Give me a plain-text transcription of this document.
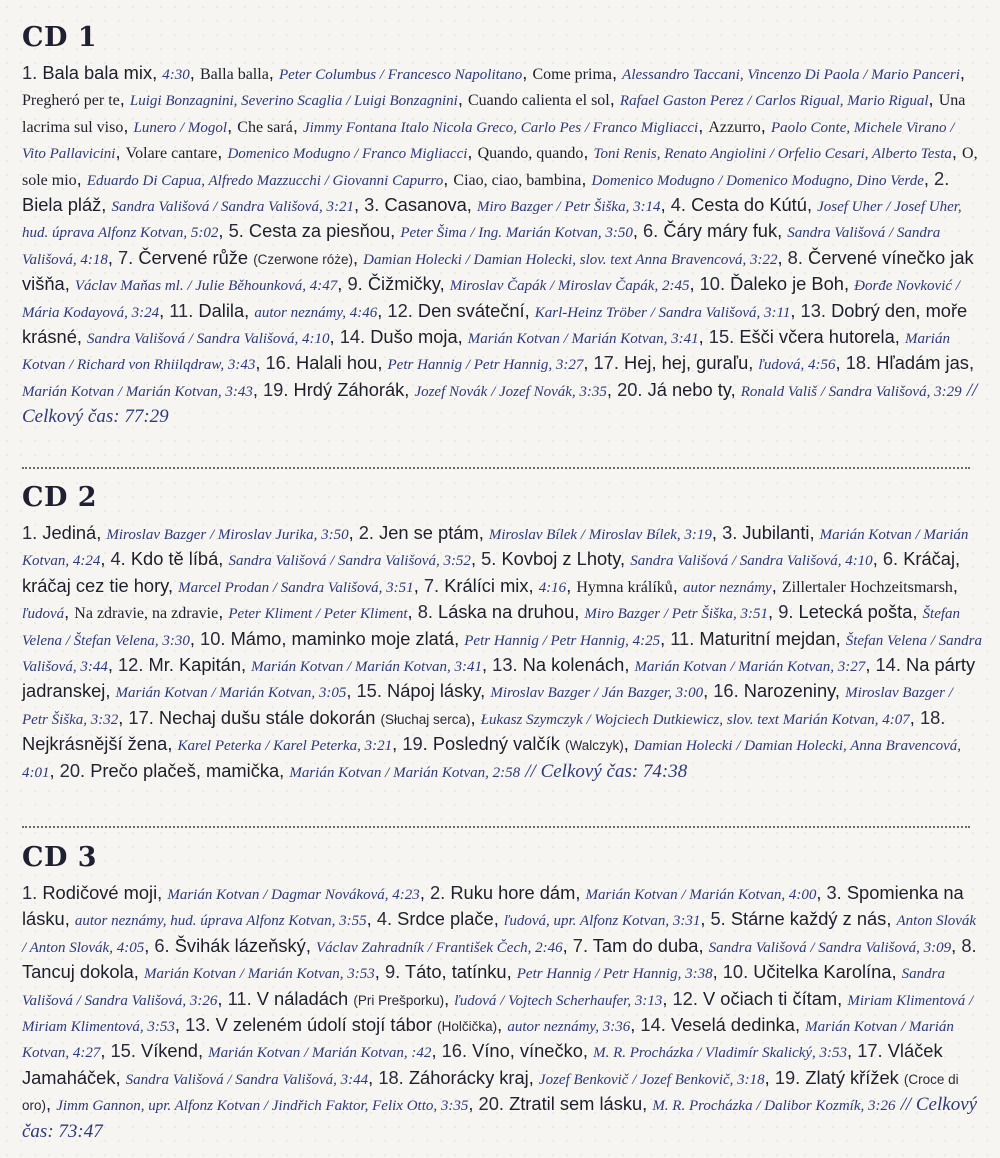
CD 1

1. Bala bala mix, 4:30, Balla balla, Peter Columbus / Francesco Napolitano, Come prima, Alessandro Taccani, Vincenzo Di Paola / Mario Panceri, Pregheró per te, Luigi Bonzagnini, Severino Scaglia / Luigi Bonzagnini, Cuando calienta el sol, Rafael Gaston Perez / Carlos Rigual, Mario Rigual, Una lacrima sul viso, Lunero / Mogol, Che sará, Jimmy Fontana Italo Nicola Greco, Carlo Pes / Franco Migliacci, Azzurro, Paolo Conte, Michele Virano / Vito Pallavicini, Volare cantare, Domenico Modugno / Franco Migliacci, Quando, quando, Toni Renis, Renato Angiolini / Orfelio Cesari, Alberto Testa, O, sole mio, Eduardo Di Capua, Alfredo Mazzucchi / Giovanni Capurro, Ciao, ciao, bambina, Domenico Modugno / Domenico Modugno, Dino Verde, 2. Biela pláž, Sandra Vališová / Sandra Vališová, 3:21, 3. Casanova, Miro Bazger / Petr Šiška, 3:14, 4. Cesta do Kútú, Josef Uher / Josef Uher, hud. úprava Alfonz Kotvan, 5:02, 5. Cesta za piesňou, Peter Šima / Ing. Marián Kotvan, 3:50, 6. Čáry máry fuk, Sandra Vališová / Sandra Vališová, 4:18, 7. Červené růže (Czerwone róże), Damian Holecki / Damian Holecki, slov. text Anna Bravencová, 3:22, 8. Červené vínečko jak višňa, Václav Maňas ml. / Julie Běhounková, 4:47, 9. Čižmičky, Miroslav Čapák / Miroslav Čapák, 2:45, 10. Ďaleko je Boh, Đorđe Novković / Mária Kodayová, 3:24, 11. Dalila, autor neznámy, 4:46, 12. Den sváteční, Karl-Heinz Tröber / Sandra Vališová, 3:11, 13. Dobrý den, moře krásné, Sandra Vališová / Sandra Vališová, 4:10, 14. Dušo moja, Marián Kotvan / Marián Kotvan, 3:41, 15. Ešči včera hutorela, Marián Kotvan / Richard von Rhiilqdraw, 3:43, 16. Halali hou, Petr Hannig / Petr Hannig, 3:27, 17. Hej, hej, guraľu, ľudová, 4:56, 18. Hľadám jas, Marián Kotvan / Marián Kotvan, 3:43, 19. Hrdý Záhorák, Jozef Novák / Jozef Novák, 3:35, 20. Já nebo ty, Ronald Vališ / Sandra Vališová, 3:29 // Celkový čas: 77:29

CD 2

1. Jediná, Miroslav Bazger / Miroslav Jurika, 3:50, 2. Jen se ptám, Miroslav Bílek / Miroslav Bílek, 3:19, 3. Jubilanti, Marián Kotvan / Marián Kotvan, 4:24, 4. Kdo tě líbá, Sandra Vališová / Sandra Vališová, 3:52, 5. Kovboj z Lhoty, Sandra Vališová / Sandra Vališová, 4:10, 6. Kráčaj, kráčaj cez tie hory, Marcel Prodan / Sandra Vališová, 3:51, 7. Králíci mix, 4:16, Hymna králíků, autor neznámy, Zillertaler Hochzeitsmarsh, ľudová, Na zdravie, na zdravie, Peter Kliment / Peter Kliment, 8. Láska na druhou, Miro Bazger / Petr Šiška, 3:51, 9. Letecká pošta, Štefan Velena / Štefan Velena, 3:30, 10. Mámo, maminko moje zlatá, Petr Hannig / Petr Hannig, 4:25, 11. Maturitní mejdan, Štefan Velena / Sandra Vališová, 3:44, 12. Mr. Kapitán, Marián Kotvan / Marián Kotvan, 3:41, 13. Na kolenách, Marián Kotvan / Marián Kotvan, 3:27, 14. Na párty jadranskej, Marián Kotvan / Marián Kotvan, 3:05, 15. Nápoj lásky, Miroslav Bazger / Ján Bazger, 3:00, 16. Narozeniny, Miroslav Bazger / Petr Šiška, 3:32, 17. Nechaj dušu stále dokorán (Słuchaj serca), Łukasz Szymczyk / Wojciech Dutkiewicz, slov. text Marián Kotvan, 4:07, 18. Nejkrásnější žena, Karel Peterka / Karel Peterka, 3:21, 19. Posledný valčík (Walczyk), Damian Holecki / Damian Holecki, Anna Bravencová, 4:01, 20. Prečo plačeš, mamička, Marián Kotvan / Marián Kotvan, 2:58 // Celkový čas: 74:38

CD 3

1. Rodičové moji, Marián Kotvan / Dagmar Nováková, 4:23, 2. Ruku hore dám, Marián Kotvan / Marián Kotvan, 4:00, 3. Spomienka na lásku, autor neznámy, hud. úprava Alfonz Kotvan, 3:55, 4. Srdce plače, ľudová, upr. Alfonz Kotvan, 3:31, 5. Stárne každý z nás, Anton Slovák / Anton Slovák, 4:05, 6. Švihák lázeňský, Václav Zahradník / František Čech, 2:46, 7. Tam do duba, Sandra Vališová / Sandra Vališová, 3:09, 8. Tancuj dokola, Marián Kotvan / Marián Kotvan, 3:53, 9. Táto, tatínku, Petr Hannig / Petr Hannig, 3:38, 10. Učitelka Karolína, Sandra Vališová / Sandra Vališová, 3:26, 11. V náladách (Pri Prešporku), ľudová / Vojtech Scherhaufer, 3:13, 12. V očiach ti čítam, Miriam Klimentová / Miriam Klimentová, 3:53, 13. V zeleném údolí stojí tábor (Holčička), autor neznámy, 3:36, 14. Veselá dedinka, Marián Kotvan / Marián Kotvan, 4:27, 15. Víkend, Marián Kotvan / Marián Kotvan, :42, 16. Víno, vínečko, M. R. Procházka / Vladimír Skalický, 3:53, 17. Vláček Jamaháček, Sandra Vališová / Sandra Vališová, 3:44, 18. Záhorácky kraj, Jozef Benkovič / Jozef Benkovič, 3:18, 19. Zlatý křížek (Croce di oro), Jimm Gannon, upr. Alfonz Kotvan / Jindřich Faktor, Felix Otto, 3:35, 20. Ztratil sem lásku, M. R. Procházka / Dalibor Kozmík, 3:26 // Celkový čas: 73:47
